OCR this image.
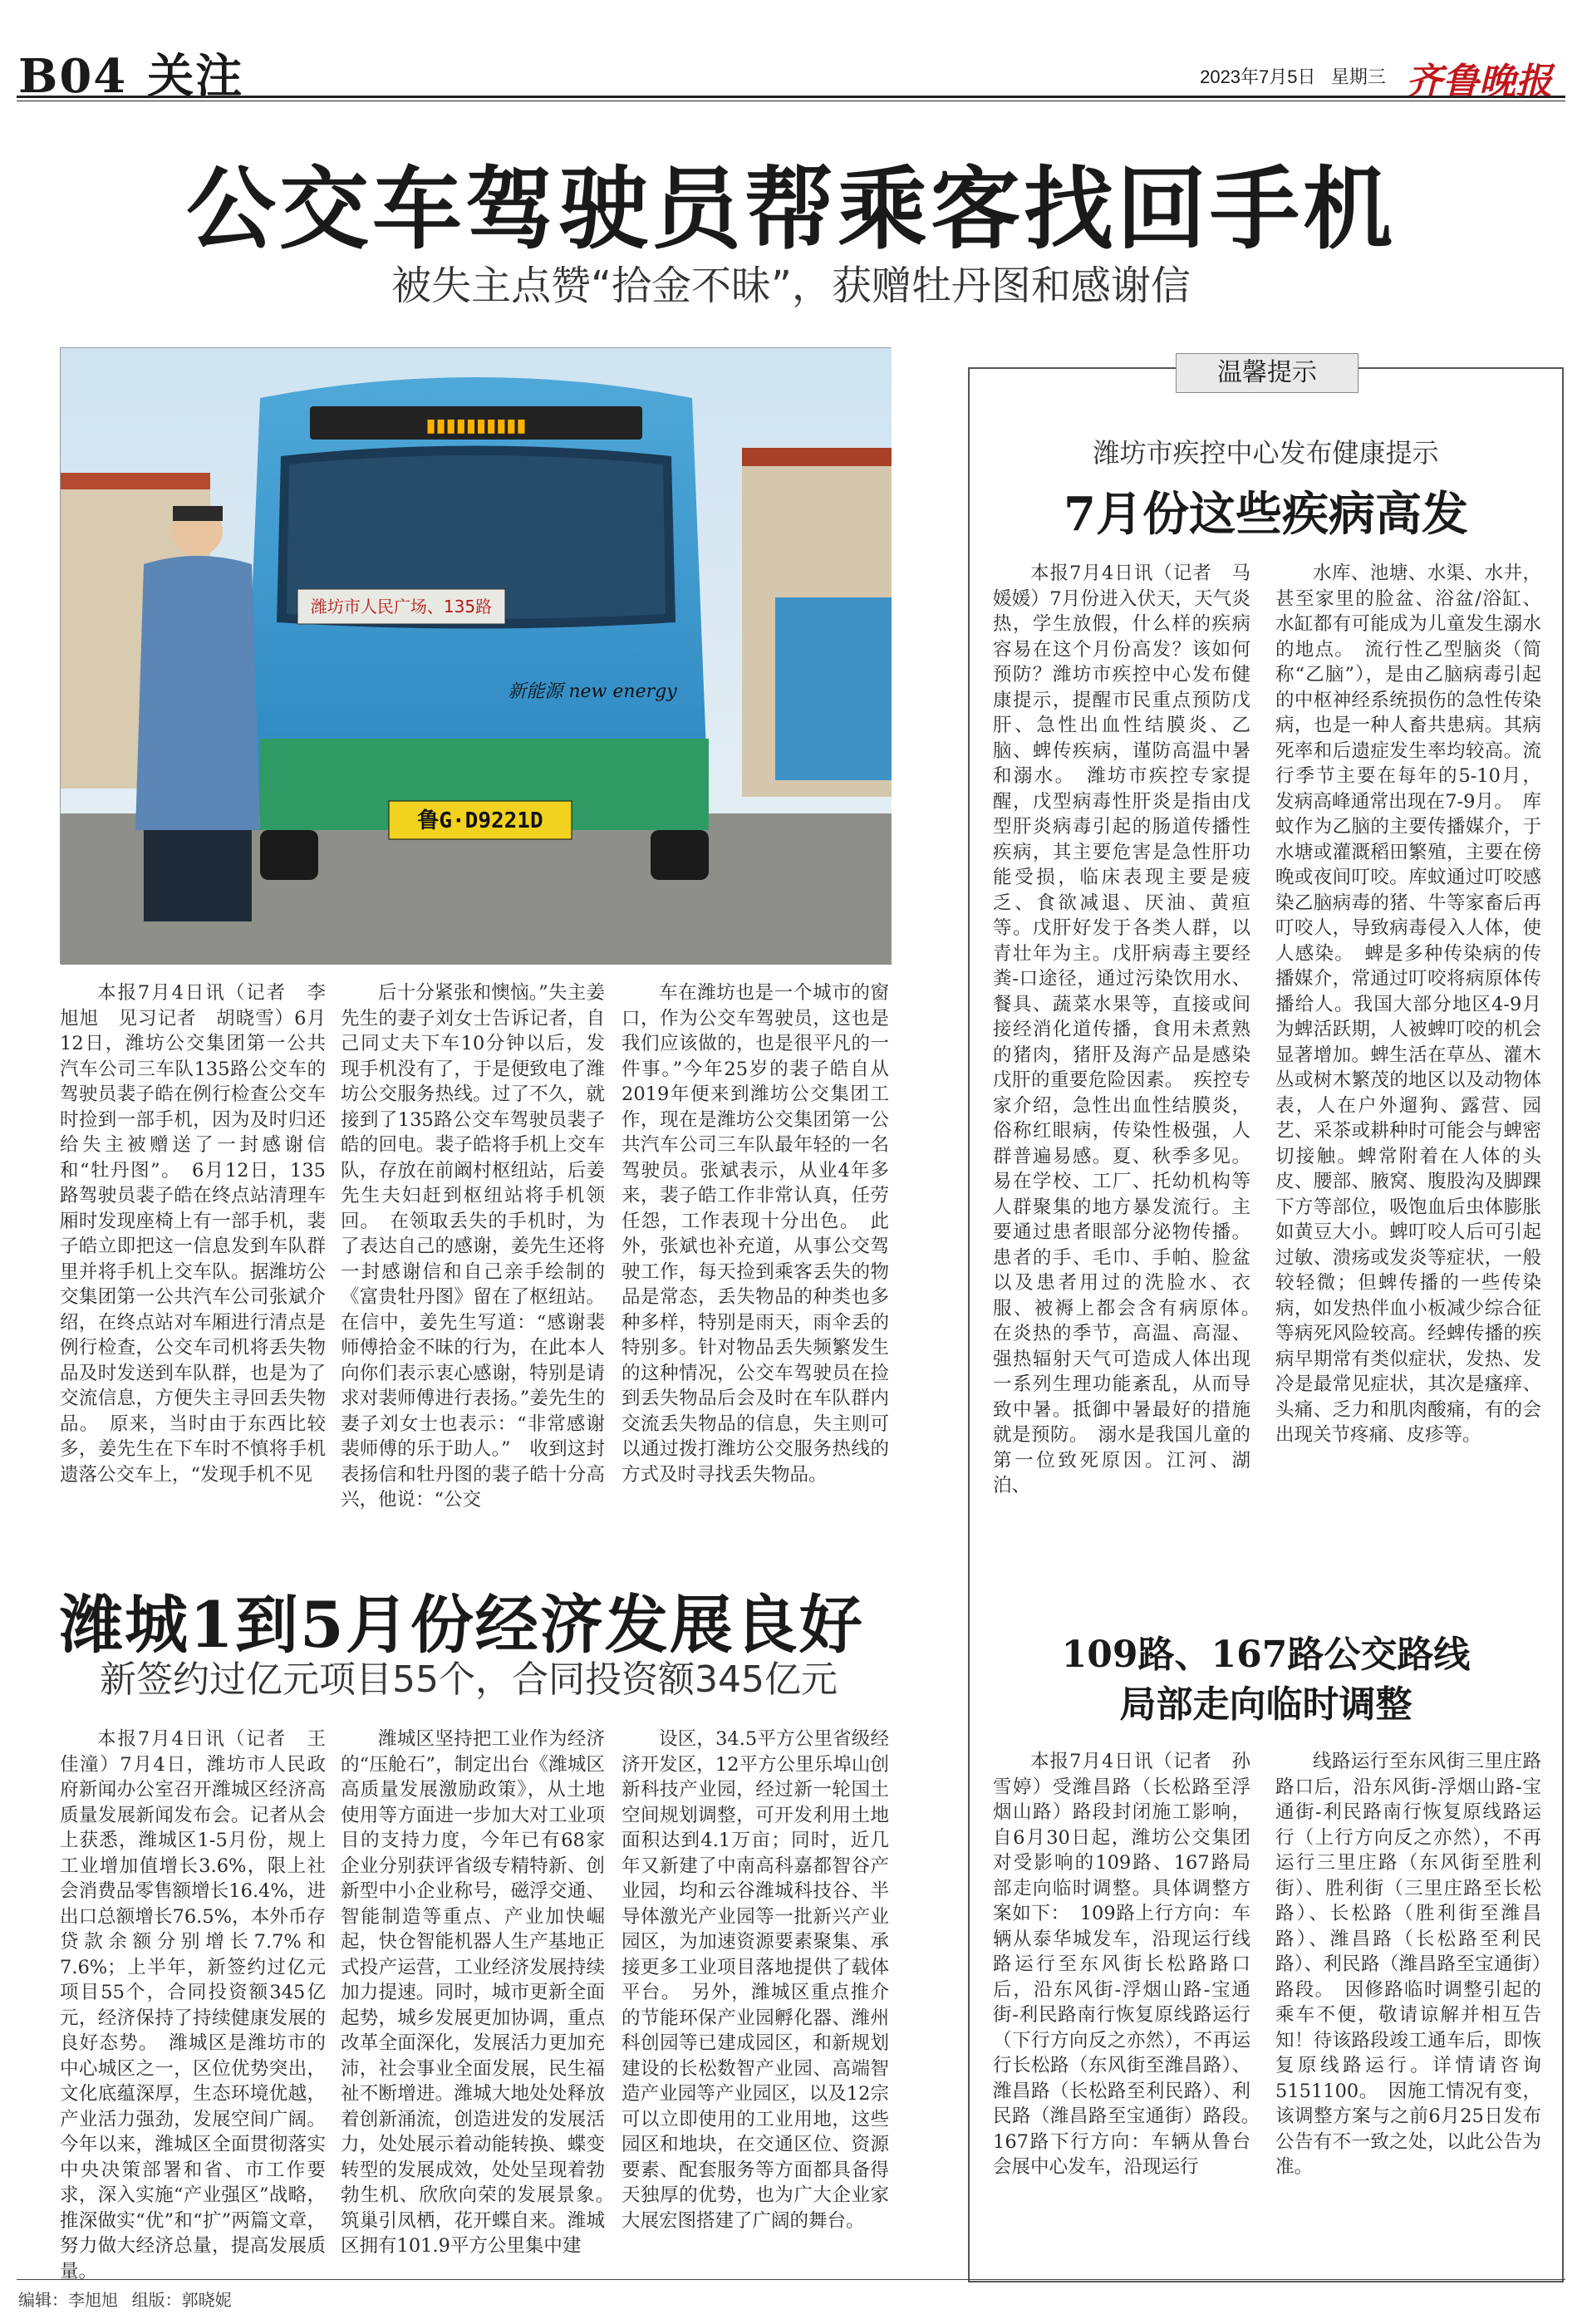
B04 关注	2023年7月5日 星期三 齐鲁晚报
公交车驾驶员帮乘客找回手机
被失主点赞“拾金不昧”，获赠牡丹图和感谢信
▮▮▮▮▮▮▮▮▮▮
潍坊市人民广场、135路
新能源 new energy
鲁G·D9221D

本报7月4日讯（记者　李旭旭　见习记者　胡晓雪）6月12日，潍坊公交集团第一公共汽车公司三车队135路公交车的驾驶员裴子皓在例行检查公交车时捡到一部手机，因为及时归还给失主被赠送了一封感谢信和“牡丹图”。　6月12日，135路驾驶员裴子皓在终点站清理车厢时发现座椅上有一部手机，裴子皓立即把这一信息发到车队群里并将手机上交车队。据潍坊公交集团第一公共汽车公司张斌介绍，在终点站对车厢进行清点是例行检查，公交车司机将丢失物品及时发送到车队群，也是为了交流信息，方便失主寻回丢失物品。　原来，当时由于东西比较多，姜先生在下车时不慎将手机遗落公交车上，“发现手机不见

后十分紧张和懊恼。”失主姜先生的妻子刘女士告诉记者，自己同丈夫下车10分钟以后，发现手机没有了，于是便致电了潍坊公交服务热线。过了不久，就接到了135路公交车驾驶员裴子皓的回电。裴子皓将手机上交车队，存放在前阚村枢纽站，后姜先生夫妇赶到枢纽站将手机领回。　在领取丢失的手机时，为了表达自己的感谢，姜先生还将一封感谢信和自己亲手绘制的《富贵牡丹图》留在了枢纽站。在信中，姜先生写道：“感谢裴师傅拾金不昧的行为，在此本人向你们表示衷心感谢，特别是请求对裴师傅进行表扬。”姜先生的妻子刘女士也表示：“非常感谢裴师傅的乐于助人。”　收到这封表扬信和牡丹图的裴子皓十分高兴，他说：“公交

车在潍坊也是一个城市的窗口，作为公交车驾驶员，这也是我们应该做的，也是很平凡的一件事。”今年25岁的裴子皓自从2019年便来到潍坊公交集团工作，现在是潍坊公交集团第一公共汽车公司三车队最年轻的一名驾驶员。张斌表示，从业4年多来，裴子皓工作非常认真，任劳任怨，工作表现十分出色。　此外，张斌也补充道，从事公交驾驶工作，每天捡到乘客丢失的物品是常态，丢失物品的种类也多种多样，特别是雨天，雨伞丢的特别多。针对物品丢失频繁发生的这种情况，公交车驾驶员在捡到丢失物品后会及时在车队群内交流丢失物品的信息，失主则可以通过拨打潍坊公交服务热线的方式及时寻找丢失物品。

潍城1到5月份经济发展良好
新签约过亿元项目55个，合同投资额345亿元

本报7月4日讯（记者　王佳潼）7月4日，潍坊市人民政府新闻办公室召开潍城区经济高质量发展新闻发布会。记者从会上获悉，潍城区1-5月份，规上工业增加值增长3.6%，限上社会消费品零售额增长16.4%，进出口总额增长76.5%，本外币存贷款余额分别增长7.7%和7.6%；上半年，新签约过亿元项目55个，合同投资额345亿元，经济保持了持续健康发展的良好态势。　潍城区是潍坊市的中心城区之一，区位优势突出，文化底蕴深厚，生态环境优越，产业活力强劲，发展空间广阔。今年以来，潍城区全面贯彻落实中央决策部署和省、市工作要求，深入实施“产业强区”战略，推深做实“优”和“扩”两篇文章，努力做大经济总量，提高发展质量。

潍城区坚持把工业作为经济的“压舱石”，制定出台《潍城区高质量发展激励政策》，从土地使用等方面进一步加大对工业项目的支持力度，今年已有68家企业分别获评省级专精特新、创新型中小企业称号，磁浮交通、智能制造等重点、产业加快崛起，快仓智能机器人生产基地正式投产运营，工业经济发展持续加力提速。同时，城市更新全面起势，城乡发展更加协调，重点改革全面深化，发展活力更加充沛，社会事业全面发展，民生福祉不断增进。潍城大地处处释放着创新涌流，创造进发的发展活力，处处展示着动能转换、蝶变转型的发展成效，处处呈现着勃勃生机、欣欣向荣的发展景象。　筑巢引凤栖，花开蝶自来。潍城区拥有101.9平方公里集中建

设区，34.5平方公里省级经济开发区，12平方公里乐埠山创新科技产业园，经过新一轮国土空间规划调整，可开发利用土地面积达到4.1万亩；同时，近几年又新建了中南高科嘉都智谷产业园，均和云谷潍城科技谷、半导体激光产业园等一批新兴产业园区，为加速资源要素聚集、承接更多工业项目落地提供了载体平台。　另外，潍城区重点推介的节能环保产业园孵化器、潍州科创园等已建成园区，和新规划建设的长松数智产业园、高端智造产业园等产业园区，以及12宗可以立即使用的工业用地，这些园区和地块，在交通区位、资源要素、配套服务等方面都具备得天独厚的优势，也为广大企业家大展宏图搭建了广阔的舞台。

温馨提示
潍坊市疾控中心发布健康提示
7月份这些疾病高发

本报7月4日讯（记者　马媛媛）7月份进入伏天，天气炎热，学生放假，什么样的疾病容易在这个月份高发？该如何预防？潍坊市疾控中心发布健康提示，提醒市民重点预防戊肝、急性出血性结膜炎、乙脑、蜱传疾病，谨防高温中暑和溺水。　潍坊市疾控专家提醒，戊型病毒性肝炎是指由戊型肝炎病毒引起的肠道传播性疾病，其主要危害是急性肝功能受损，临床表现主要是疲乏、食欲减退、厌油、黄疸等。戊肝好发于各类人群，以青壮年为主。戊肝病毒主要经粪-口途径，通过污染饮用水、餐具、蔬菜水果等，直接或间接经消化道传播，食用未煮熟的猪肉，猪肝及海产品是感染戊肝的重要危险因素。　疾控专家介绍，急性出血性结膜炎，俗称红眼病，传染性极强，人群普遍易感。夏、秋季多见。易在学校、工厂、托幼机构等人群聚集的地方暴发流行。主要通过患者眼部分泌物传播。患者的手、毛巾、手帕、脸盆以及患者用过的洗脸水、衣服、被褥上都会含有病原体。　在炎热的季节，高温、高湿、强热辐射天气可造成人体出现一系列生理功能紊乱，从而导致中暑。抵御中暑最好的措施就是预防。　溺水是我国儿童的第一位致死原因。江河、湖泊、

水库、池塘、水渠、水井，甚至家里的脸盆、浴盆/浴缸、水缸都有可能成为儿童发生溺水的地点。　流行性乙型脑炎（简称“乙脑”），是由乙脑病毒引起的中枢神经系统损伤的急性传染病，也是一种人畜共患病。其病死率和后遗症发生率均较高。流行季节主要在每年的5-10月，发病高峰通常出现在7-9月。　库蚊作为乙脑的主要传播媒介，于水塘或灌溉稻田繁殖，主要在傍晚或夜间叮咬。库蚊通过叮咬感染乙脑病毒的猪、牛等家畜后再叮咬人，导致病毒侵入人体，使人感染。　蜱是多种传染病的传播媒介，常通过叮咬将病原体传播给人。我国大部分地区4-9月为蜱活跃期，人被蜱叮咬的机会显著增加。蜱生活在草丛、灌木丛或树木繁茂的地区以及动物体表，人在户外遛狗、露营、园艺、采茶或耕种时可能会与蜱密切接触。蜱常附着在人体的头皮、腰部、腋窝、腹股沟及脚踝下方等部位，吸饱血后虫体膨胀如黄豆大小。蜱叮咬人后可引起过敏、溃疡或发炎等症状，一般较轻微；但蜱传播的一些传染病，如发热伴血小板减少综合征等病死风险较高。经蜱传播的疾病早期常有类似症状，发热、发冷是最常见症状，其次是瘙痒、头痛、乏力和肌肉酸痛，有的会出现关节疼痛、皮疹等。

109路、167路公交路线
局部走向临时调整

本报7月4日讯（记者　孙雪婷）受潍昌路（长松路至浮烟山路）路段封闭施工影响，自6月30日起，潍坊公交集团对受影响的109路、167路局部走向临时调整。具体调整方案如下：　109路上行方向：车辆从泰华城发车，沿现运行线路运行至东风街长松路路口后，沿东风街-浮烟山路-宝通街-利民路南行恢复原线路运行（下行方向反之亦然），不再运行长松路（东风街至潍昌路）、潍昌路（长松路至利民路）、利民路（潍昌路至宝通街）路段。　167路下行方向：车辆从鲁台会展中心发车，沿现运行

线路运行至东风街三里庄路路口后，沿东风街-浮烟山路-宝通街-利民路南行恢复原线路运行（上行方向反之亦然），不再运行三里庄路（东风街至胜利街）、胜利街（三里庄路至长松路）、长松路（胜利街至潍昌路）、潍昌路（长松路至利民路）、利民路（潍昌路至宝通街）路段。　因修路临时调整引起的乘车不便，敬请谅解并相互告知！待该路段竣工通车后，即恢复原线路运行。详情请咨询5151100。　因施工情况有变，该调整方案与之前6月25日发布公告有不一致之处，以此公告为准。

编辑：李旭旭 组版：郭晓妮
